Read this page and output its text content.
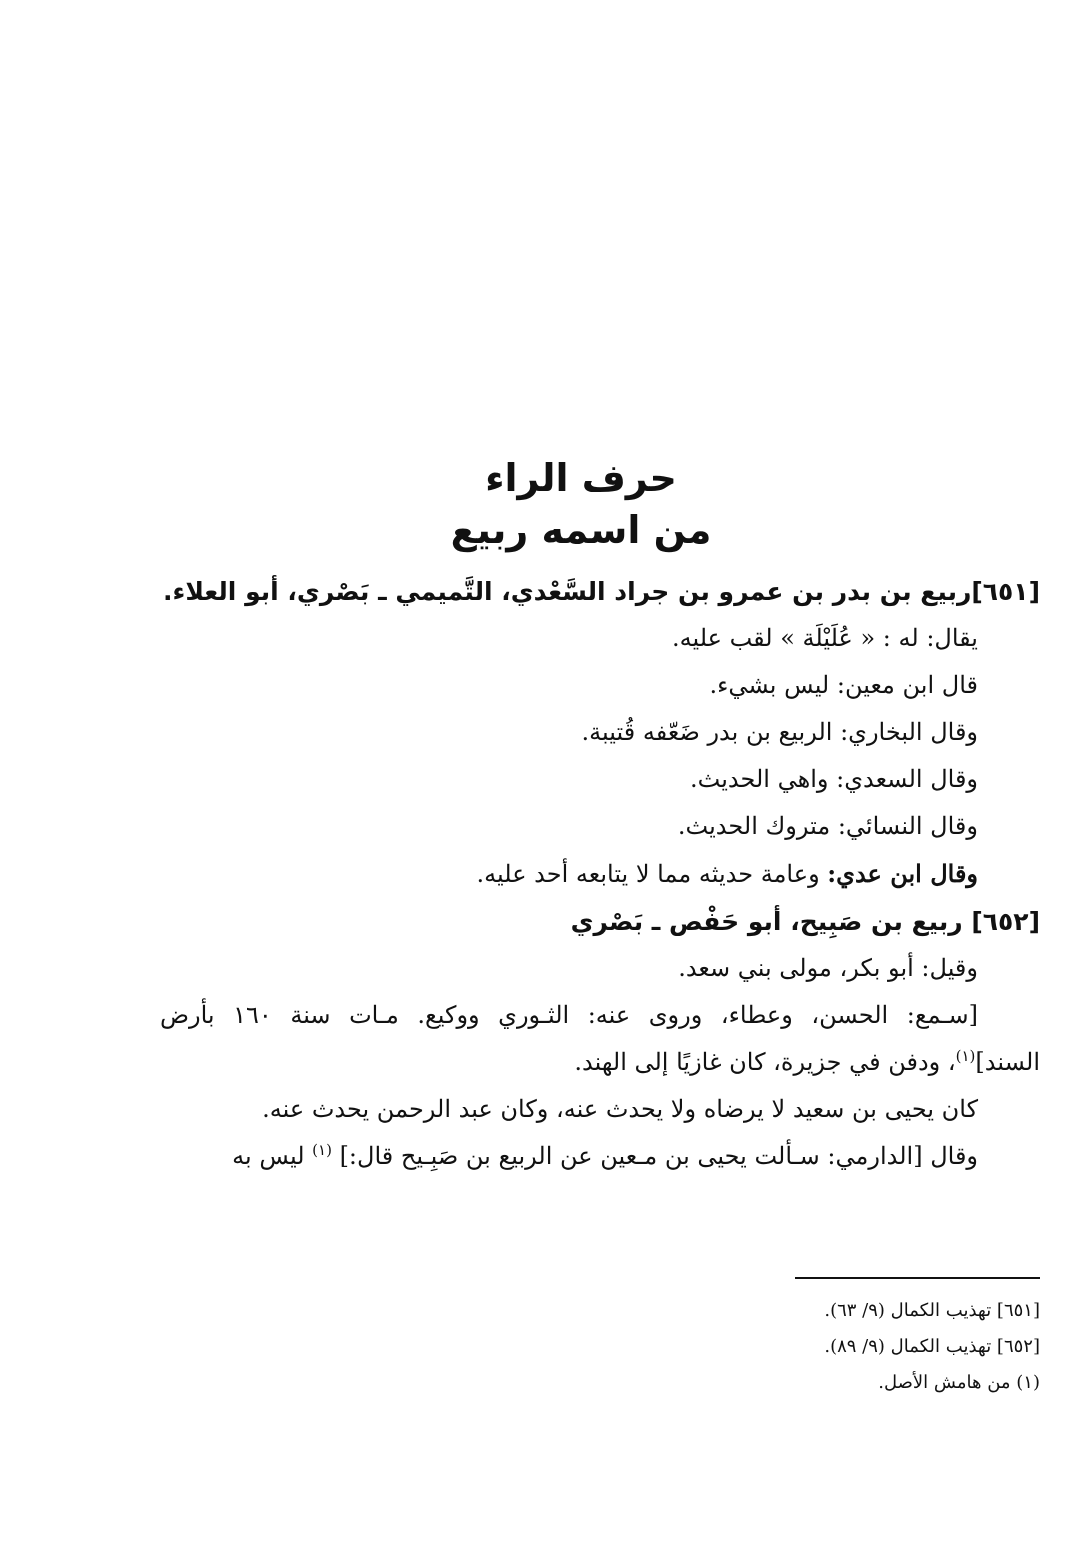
حرف الراء

من اسمه ربيع

[٦٥١]ربيع بن بدر بن عمرو بن جراد السَّعْدي، التَّميمي ـ بَصْري، أبو العلاء.
يقال: له : « عُلَيْلَة » لقب عليه.
قال ابن معين: ليس بشيء.
وقال البخاري: الربيع بن بدر ضَعّفه قُتيبة.
وقال السعدي: واهي الحديث.
وقال النسائي: متروك الحديث.
وقال ابن عدي: وعامة حديثه مما لا يتابعه أحد عليه.
[٦٥٢] ربيع بن صَبِيح، أبو حَفْص ـ بَصْري
وقيل: أبو بكر، مولى بني سعد.
[سـمع: الحسن، وعطاء، وروى عنه: الثـوري ووكيع. مـات سنة ١٦٠ بأرض
السند]$^{(١)}$، ودفن في جزيرة، كان غازيًا إلى الهند.
كان يحيى بن سعيد لا يرضاه ولا يحدث عنه، وكان عبد الرحمن يحدث عنه.
وقال [الدارمي: سـألت يحيى بن مـعين عن الربيع بن صَبِـيح قال:] $^{(١)}$ ليس به
[٦٥١] تهذيب الكمال (٩/ ٦٣).
[٦٥٢] تهذيب الكمال (٩/ ٨٩).
(١) من هامش الأصل.
